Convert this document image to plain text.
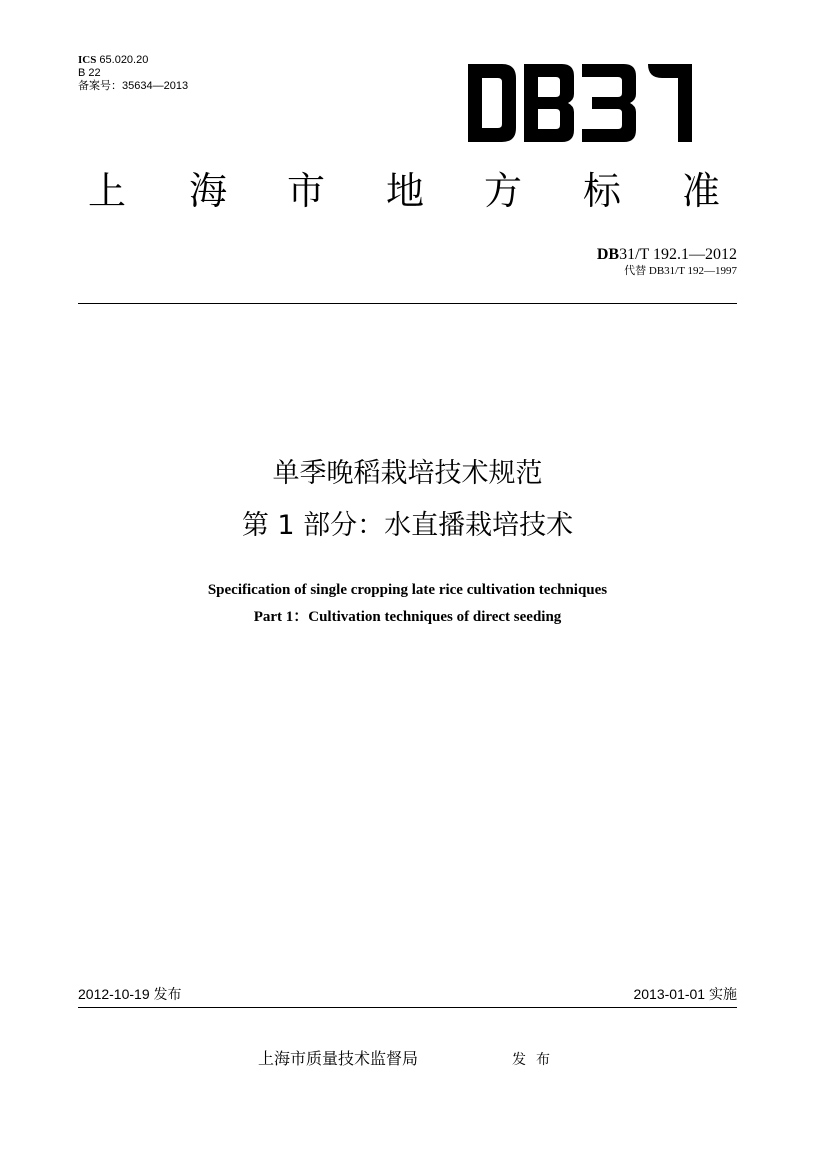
ICS 65.020.20
B 22
备案号：35634—2013
上 海 市 地 方 标 准
DB31/T 192.1—2012
代替 DB31/T 192—1997
单季晚稻栽培技术规范
第 1 部分：水直播栽培技术
Specification of single cropping late rice cultivation techniques
Part 1：Cultivation techniques of direct seeding
2012-10-19 发布	2013-01-01 实施
上海市质量技术监督局	发布
